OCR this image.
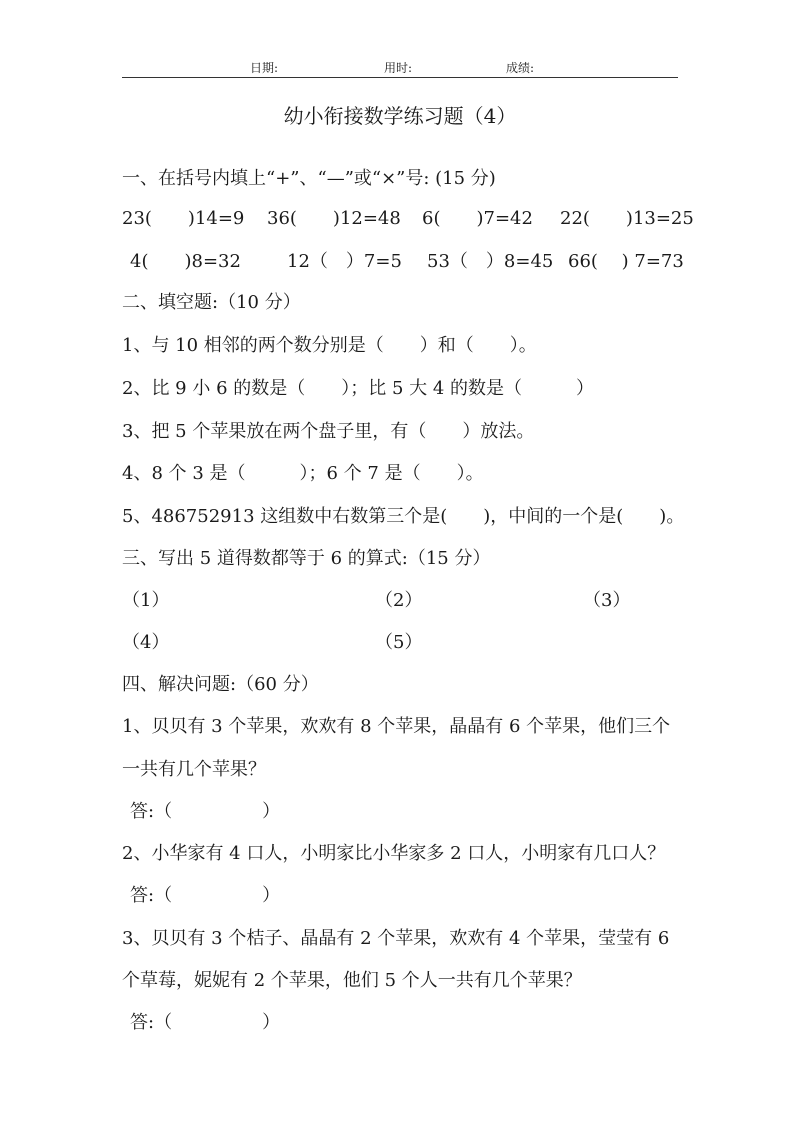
日期:	用时:	成绩:
幼小衔接数学练习题（4）
一、在括号内填上“+”、“—”或“×”号: (15 分)
23(　　)14=9 36(　　)12=48 6(　　)7=42 22(　　)13=25
4(　　)8=32	12（　）7=5 53（　）8=45 66(　 ) 7=73
二、填空题:（10 分）
1、与 10 相邻的两个数分别是（　　）和（　　）。
2、比 9 小 6 的数是（　　）；比 5 大 4 的数是（　　　）
3、把 5 个苹果放在两个盘子里，有（　　）放法。
4、8 个 3 是（　　　）；6 个 7 是（　　）。
5、486752913 这组数中右数第三个是(　　)，中间的一个是(　　)。
三、写出 5 道得数都等于 6 的算式:（15 分）
（1）	（2）	（3）
（4）	（5）
四、解决问题:（60 分）
1、贝贝有 3 个苹果，欢欢有 8 个苹果，晶晶有 6 个苹果，他们三个
一共有几个苹果？
答:（　　　　　）
2、小华家有 4 口人，小明家比小华家多 2 口人，小明家有几口人？
答:（　　　　　）
3、贝贝有 3 个桔子、晶晶有 2 个苹果，欢欢有 4 个苹果，莹莹有 6
个草莓，妮妮有 2 个苹果，他们 5 个人一共有几个苹果？
答:（　　　　　）
